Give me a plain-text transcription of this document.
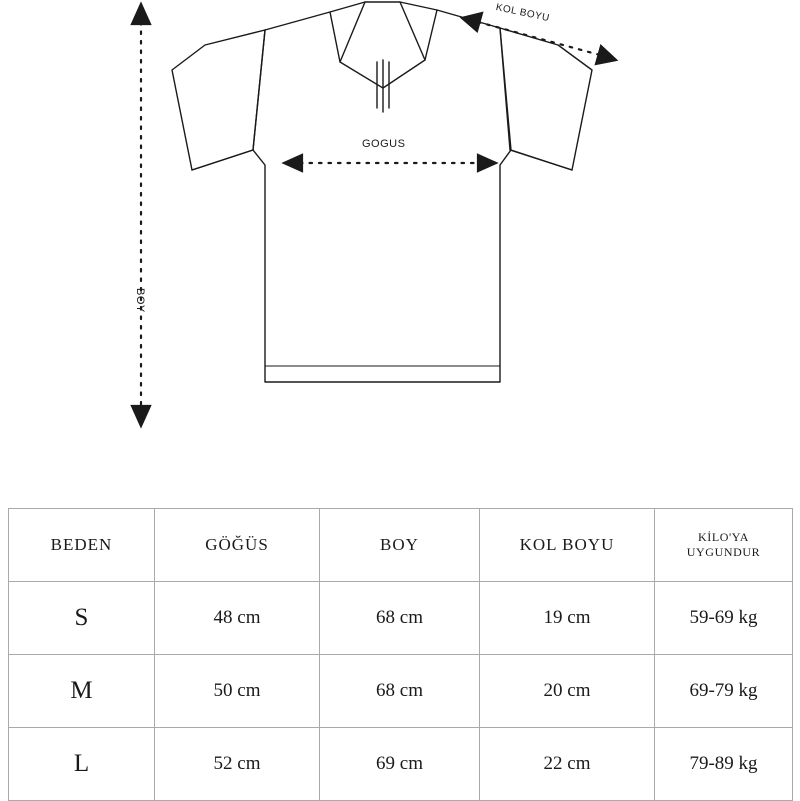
GOGUS
BOY
KOL BOYU
BEDEN	GÖĞÜS	BOY	KOL BOYU	KİLO'YA
UYGUNDUR

S	48 cm	68 cm	19 cm	59-69 kg
M	50 cm	68 cm	20 cm	69-79 kg
L	52 cm	69 cm	22 cm	79-89 kg
